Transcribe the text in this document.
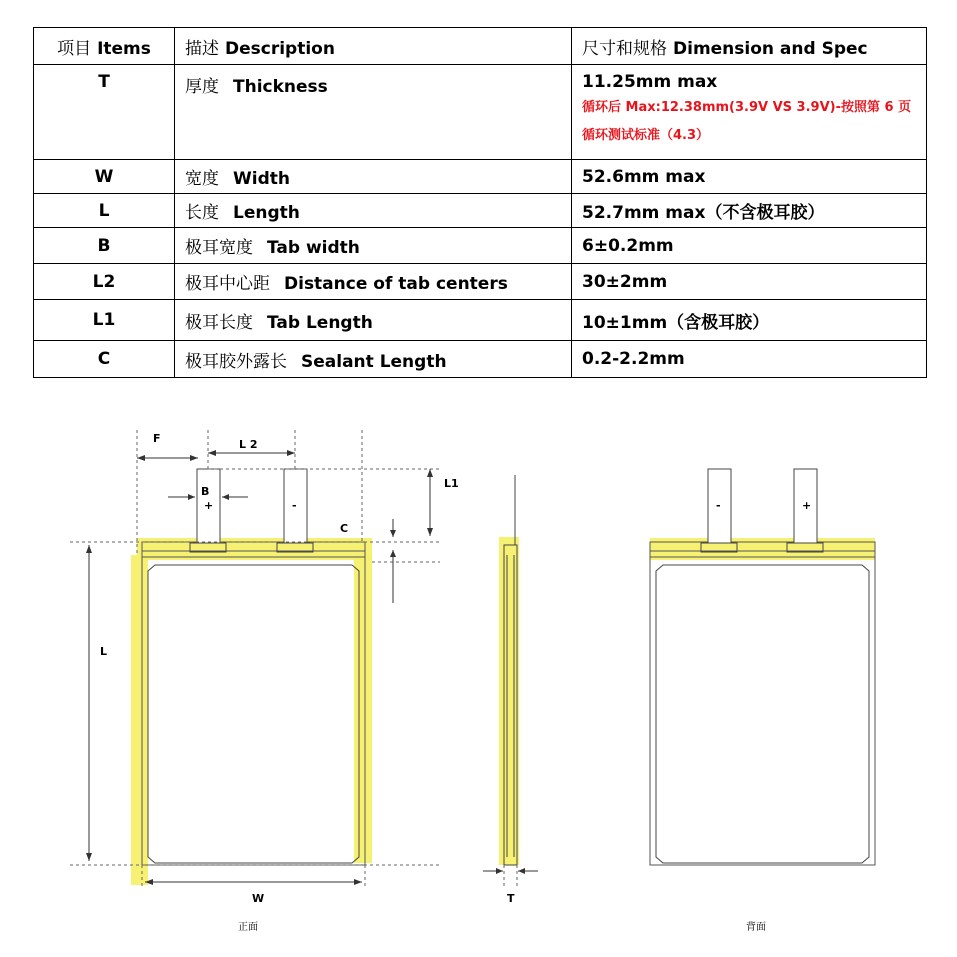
项目 Items	描述 Description	尺寸和规格 Dimension and Spec
T	厚度 Thickness	11.25mm max
循环后 Max:12.38mm(3.9V VS 3.9V)-按照第 6 页循环测试标准（4.3）

W	宽度 Width	52.6mm max
L	长度 Length	52.7mm max（不含极耳胶）
B	极耳宽度 Tab width	6±0.2mm
L2	极耳中心距 Distance of tab centers	30±2mm
L1	极耳长度 Tab Length	10±1mm（含极耳胶）
C	极耳胶外露长 Sealant Length	0.2-2.2mm
F	L 2
L1
B
C
L
W
+	-
正面
T
-	+
背面
